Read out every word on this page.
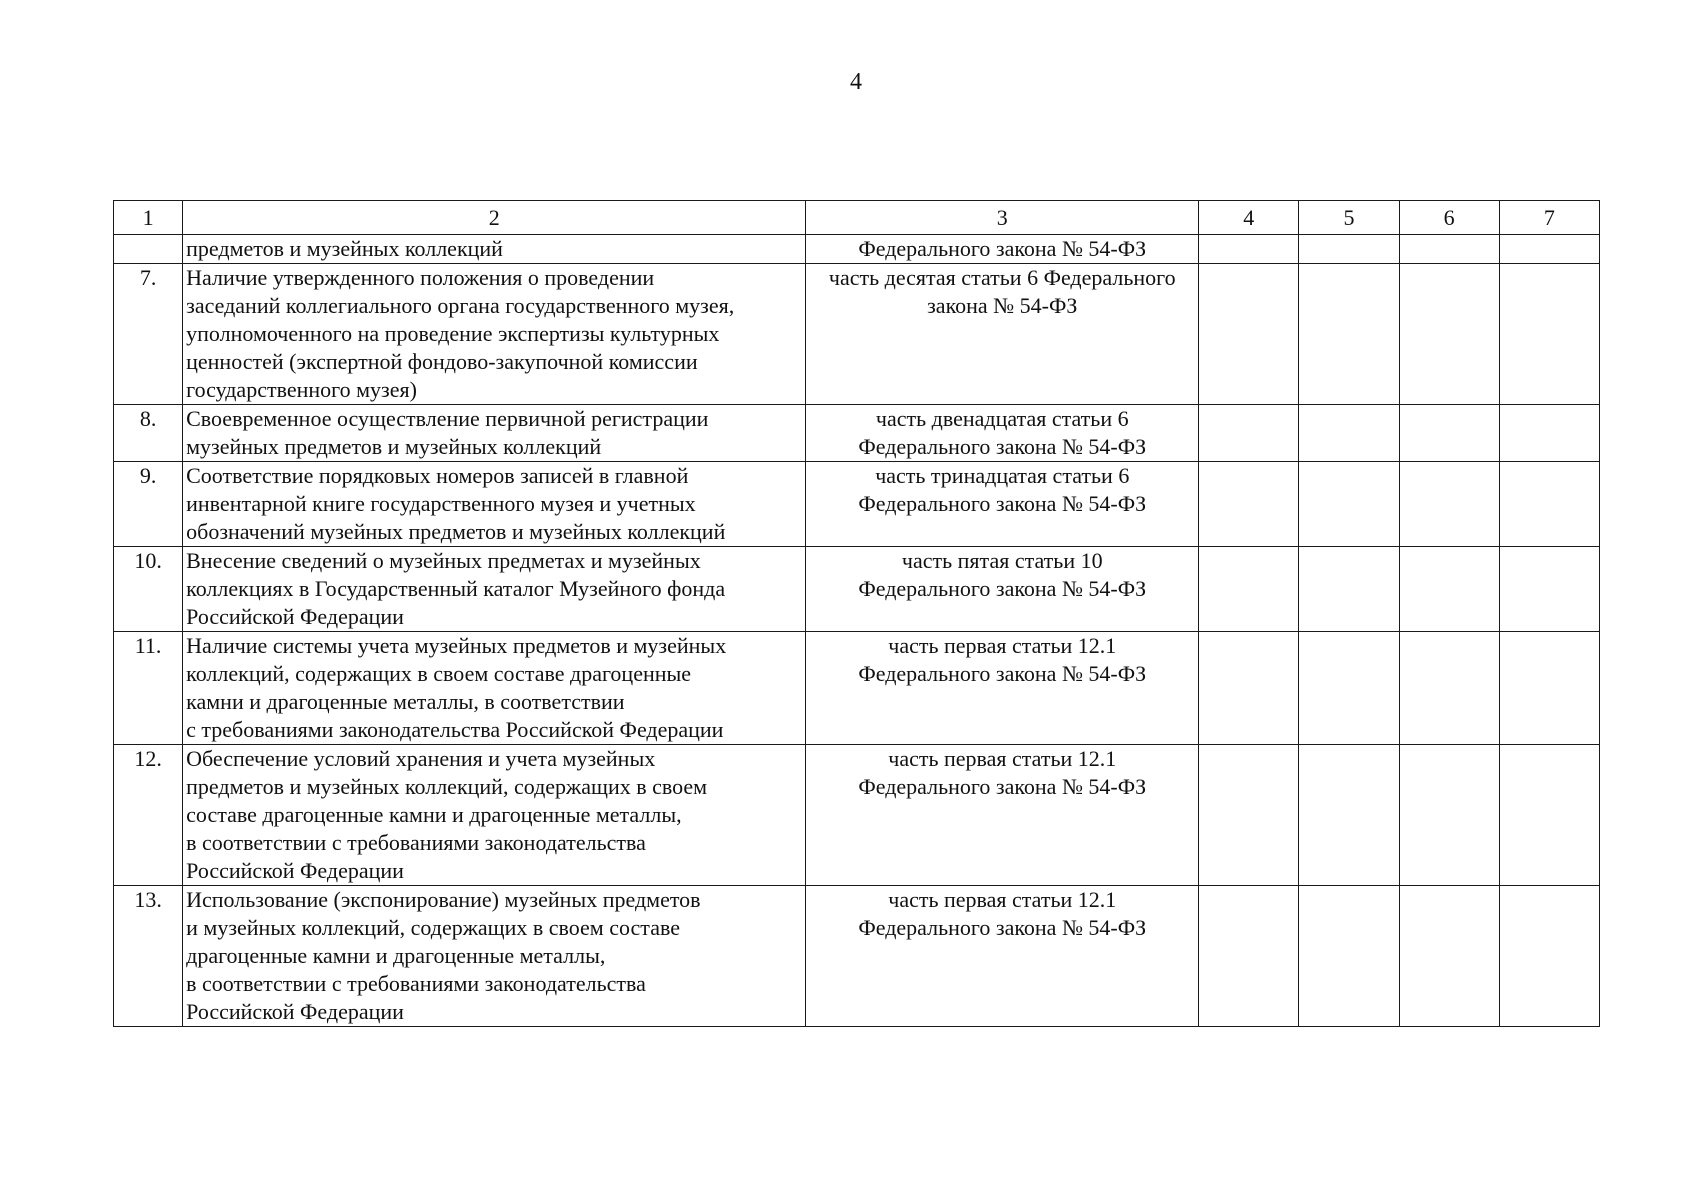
4
1	2	3	4	5	6	7

	предметов и музейных коллекций	Федерального закона № 54-ФЗ				

7.	Наличие утвержденного положения о проведении
заседаний коллегиального органа государственного музея,
уполномоченного на проведение экспертизы культурных
ценностей (экспертной фондово-закупочной комиссии
государственного музея)	часть десятая статьи 6 Федерального
закона № 54-ФЗ				

8.	Своевременное осуществление первичной регистрации
музейных предметов и музейных коллекций	часть двенадцатая статьи 6
Федерального закона № 54-ФЗ				

9.	Соответствие порядковых номеров записей в главной
инвентарной книге государственного музея и учетных
обозначений музейных предметов и музейных коллекций	часть тринадцатая статьи 6
Федерального закона № 54-ФЗ				

10.	Внесение сведений о музейных предметах и музейных
коллекциях в Государственный каталог Музейного фонда
Российской Федерации	часть пятая статьи 10
Федерального закона № 54-ФЗ				

11.	Наличие системы учета музейных предметов и музейных
коллекций, содержащих в своем составе драгоценные
камни и драгоценные металлы, в соответствии
с требованиями законодательства Российской Федерации	часть первая статьи 12.1
Федерального закона № 54-ФЗ				

12.	Обеспечение условий хранения и учета музейных
предметов и музейных коллекций, содержащих в своем
составе драгоценные камни и драгоценные металлы,
в соответствии с требованиями законодательства
Российской Федерации	часть первая статьи 12.1
Федерального закона № 54-ФЗ				

13.	Использование (экспонирование) музейных предметов
и музейных коллекций, содержащих в своем составе
драгоценные камни и драгоценные металлы,
в соответствии с требованиями законодательства
Российской Федерации	часть первая статьи 12.1
Федерального закона № 54-ФЗ				
